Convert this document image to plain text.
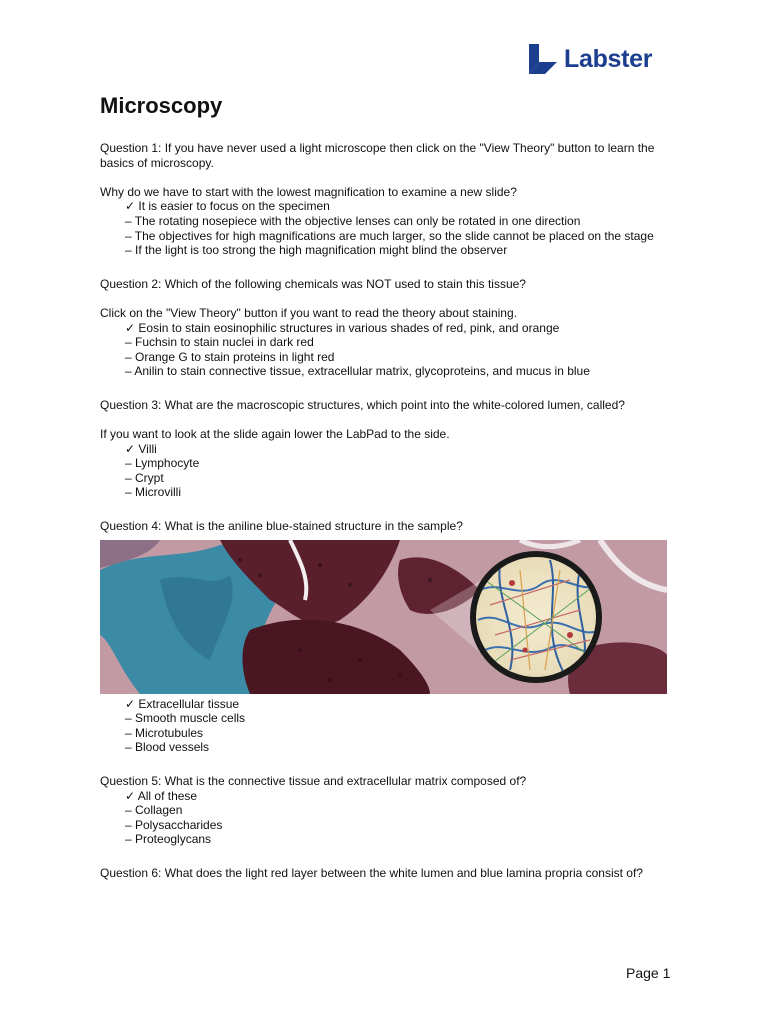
Labster
Microscopy

Question 1: If you have never used a light microscope then click on the "View Theory" button to learn the basics of microscopy.

Why do we have to start with the lowest magnification to examine a new slide?

✓ It is easier to focus on the specimen
– The rotating nosepiece with the objective lenses can only be rotated in one direction
– The objectives for high magnifications are much larger, so the slide cannot be placed on the stage
– If the light is too strong the high magnification might blind the observer

Question 2: Which of the following chemicals was NOT used to stain this tissue?

Click on the "View Theory" button if you want to read the theory about staining.

✓ Eosin to stain eosinophilic structures in various shades of red, pink, and orange
– Fuchsin to stain nuclei in dark red
– Orange G to stain proteins in light red
– Anilin to stain connective tissue, extracellular matrix, glycoproteins, and mucus in blue

Question 3: What are the macroscopic structures, which point into the white-colored lumen, called?

If you want to look at the slide again lower the LabPad to the side.

✓ Villi
– Lymphocyte
– Crypt
– Microvilli

Question 4: What is the aniline blue-stained structure in the sample?

✓ Extracellular tissue
– Smooth muscle cells
– Microtubules
– Blood vessels

Question 5: What is the connective tissue and extracellular matrix composed of?

✓ All of these
– Collagen
– Polysaccharides
– Proteoglycans

Question 6: What does the light red layer between the white lumen and blue lamina propria consist of?

Page 1
